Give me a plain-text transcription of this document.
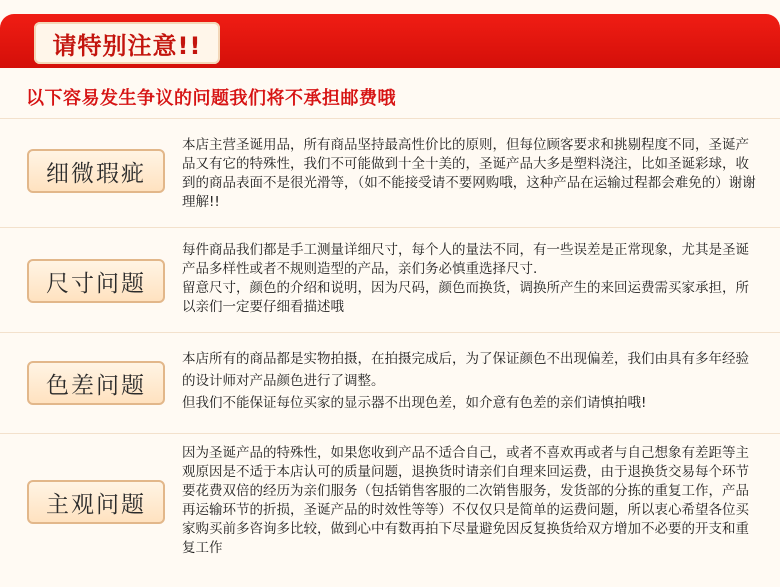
请特别注意!!
以下容易发生争议的问题我们将不承担邮费哦
细微瑕疵

本店主营圣诞用品，所有商品坚持最高性价比的原则，但每位顾客要求和挑剔程度不同，圣诞产品又有它的特殊性，我们不可能做到十全十美的，圣诞产品大多是塑料浇注，比如圣诞彩球，收到的商品表面不是很光滑等，（如不能接受请不要网购哦，这种产品在运输过程都会难免的）谢谢理解!!

尺寸问题

每件商品我们都是手工测量详细尺寸，每个人的量法不同，有一些误差是正常现象，尤其是圣诞产品多样性或者不规则造型的产品，亲们务必慎重选择尺寸.

留意尺寸，颜色的介绍和说明，因为尺码，颜色而换货，调换所产生的来回运费需买家承担，所以亲们一定要仔细看描述哦

色差问题

本店所有的商品都是实物拍摄，在拍摄完成后，为了保证颜色不出现偏差，我们由具有多年经验的设计师对产品颜色进行了调整。

但我们不能保证每位买家的显示器不出现色差，如介意有色差的亲们请慎拍哦!

主观问题

因为圣诞产品的特殊性，如果您收到产品不适合自己，或者不喜欢再或者与自己想象有差距等主观原因是不适于本店认可的质量问题，退换货时请亲们自理来回运费，由于退换货交易每个环节要花费双倍的经历为亲们服务（包括销售客服的二次销售服务，发货部的分拣的重复工作，产品再运输环节的折损，圣诞产品的时效性等等）不仅仅只是简单的运费问题，所以衷心希望各位买家购买前多咨询多比较，做到心中有数再拍下尽量避免因反复换货给双方增加不必要的开支和重复工作
